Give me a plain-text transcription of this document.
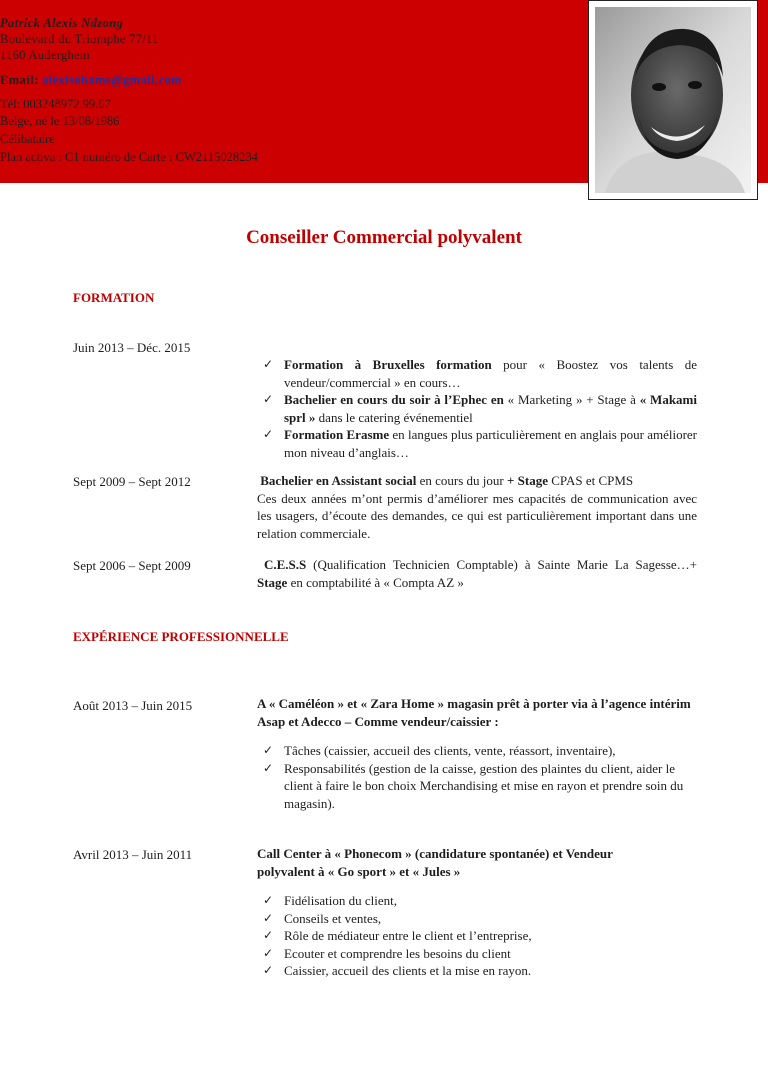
Patrick Alexis Ndzong
Boulevard du Triomphe 77/11
1160 Auderghem
Email: alexisobams@gmail.com
Tél: 003248972.99.67
Belge, né le 13/08/1986
Célibataire
Plan activa : C1 numéro de Carte : CW2115028234
Conseiller Commercial polyvalent
FORMATION
Juin 2013 – Déc. 2015
✓ Formation à Bruxelles formation pour « Boostez vos talents de vendeur/commercial » en cours…
✓ Bachelier en cours du soir à l’Ephec en « Marketing » + Stage à « Makami sprl » dans le catering événementiel
✓ Formation Erasme en langues plus particulièrement en anglais pour améliorer mon niveau d’anglais…
Sept 2009 – Sept 2012	Bachelier en Assistant social en cours du jour + Stage CPAS et CPMS
Ces deux années m’ont permis d’améliorer mes capacités de communication avec les usagers, d’écoute des demandes, ce qui est particulièrement important dans une relation commerciale.
Sept 2006 – Sept 2009	C.E.S.S (Qualification Technicien Comptable) à Sainte Marie La Sagesse…+ Stage en comptabilité à « Compta AZ »
EXPÉRIENCE PROFESSIONNELLE
Août 2013 – Juin 2015	A « Caméléon » et « Zara Home » magasin prêt à porter via à l’agence intérim Asap et Adecco – Comme vendeur/caissier :
✓ Tâches (caissier, accueil des clients, vente, réassort, inventaire),
✓ Responsabilités (gestion de la caisse, gestion des plaintes du client, aider le client à faire le bon choix Merchandising et mise en rayon et prendre soin du magasin).
Avril 2013 – Juin 2011	Call Center à « Phonecom » (candidature spontanée) et Vendeur polyvalent à « Go sport » et « Jules »
✓ Fidélisation du client,
✓ Conseils et ventes,
✓ Rôle de médiateur entre le client et l’entreprise,
✓ Ecouter et comprendre les besoins du client
✓ Caissier, accueil des clients et la mise en rayon.
